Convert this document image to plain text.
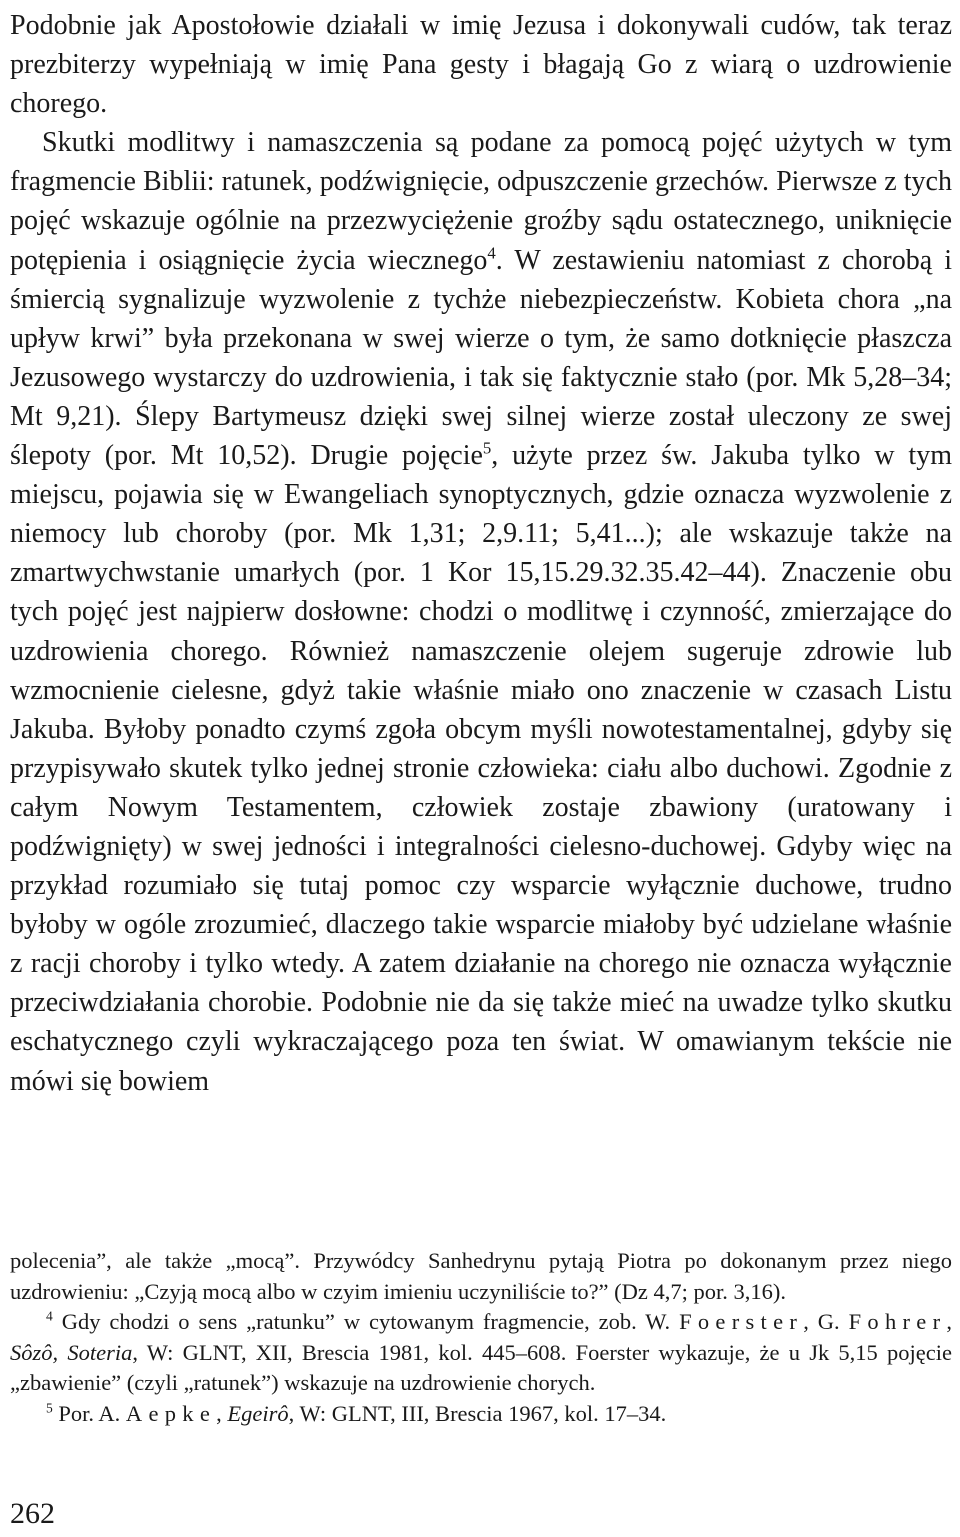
Podobnie jak Apostołowie działali w imię Jezusa i dokonywali cudów, tak teraz prezbiterzy wypełniają w imię Pana gesty i błagają Go z wiarą o uzdrowienie chorego.

Skutki modlitwy i namaszczenia są podane za pomocą pojęć użytych w tym fragmencie Biblii: ratunek, podźwignięcie, odpuszczenie grzechów. Pierwsze z tych pojęć wskazuje ogólnie na przezwyciężenie groźby sądu ostatecznego, uniknięcie potępienia i osiągnięcie życia wiecznego$^4$. W zestawieniu natomiast z chorobą i śmiercią sygnalizuje wyzwolenie z tychże niebezpieczeństw. Kobieta chora „na upływ krwi” była przekonana w swej wierze o tym, że samo dotknięcie płaszcza Jezusowego wystarczy do uzdrowienia, i tak się faktycznie stało (por. Mk 5,28–34; Mt 9,21). Ślepy Bartymeusz dzięki swej silnej wierze został uleczony ze swej ślepoty (por. Mt 10,52). Drugie pojęcie$^5$, użyte przez św. Jakuba tylko w tym miejscu, pojawia się w Ewangeliach synoptycznych, gdzie oznacza wyzwolenie z niemocy lub choroby (por. Mk 1,31; 2,9.11; 5,41...); ale wskazuje także na zmartwychwstanie umarłych (por. 1 Kor 15,15.29.32.35.42–44). Znaczenie obu tych pojęć jest najpierw dosłowne: chodzi o modlitwę i czynność, zmierzające do uzdrowienia chorego. Również namaszczenie olejem sugeruje zdrowie lub wzmocnienie cielesne, gdyż takie właśnie miało ono znaczenie w czasach Listu Jakuba. Byłoby ponadto czymś zgoła obcym myśli nowotestamentalnej, gdyby się przypisywało skutek tylko jednej stronie człowieka: ciału albo duchowi. Zgodnie z całym Nowym Testamentem, człowiek zostaje zbawiony (uratowany i podźwignięty) w swej jedności i integralności cielesno-duchowej. Gdyby więc na przykład rozumiało się tutaj pomoc czy wsparcie wyłącznie duchowe, trudno byłoby w ogóle zrozumieć, dlaczego takie wsparcie miałoby być udzielane właśnie z racji choroby i tylko wtedy. A zatem działanie na chorego nie oznacza wyłącznie przeciwdziałania chorobie. Podobnie nie da się także mieć na uwadze tylko skutku eschatycznego czyli wykraczającego poza ten świat. W omawianym tekście nie mówi się bowiem

polecenia”, ale także „mocą”. Przywódcy Sanhedrynu pytają Piotra po dokonanym przez niego uzdrowieniu: „Czyją mocą albo w czyim imieniu uczyniliście to?” (Dz 4,7; por. 3,16).

$^4$ Gdy chodzi o sens „ratunku” w cytowanym fragmencie, zob. W. Foerster, G. Fohrer, Sôzô, Soteria, W: GLNT, XII, Brescia 1981, kol. 445–608. Foerster wykazuje, że u Jk 5,15 pojęcie „zbawienie” (czyli „ratunek”) wskazuje na uzdrowienie chorych.

$^5$ Por. A. Aepke, Egeirô, W: GLNT, III, Brescia 1967, kol. 17–34.

262
